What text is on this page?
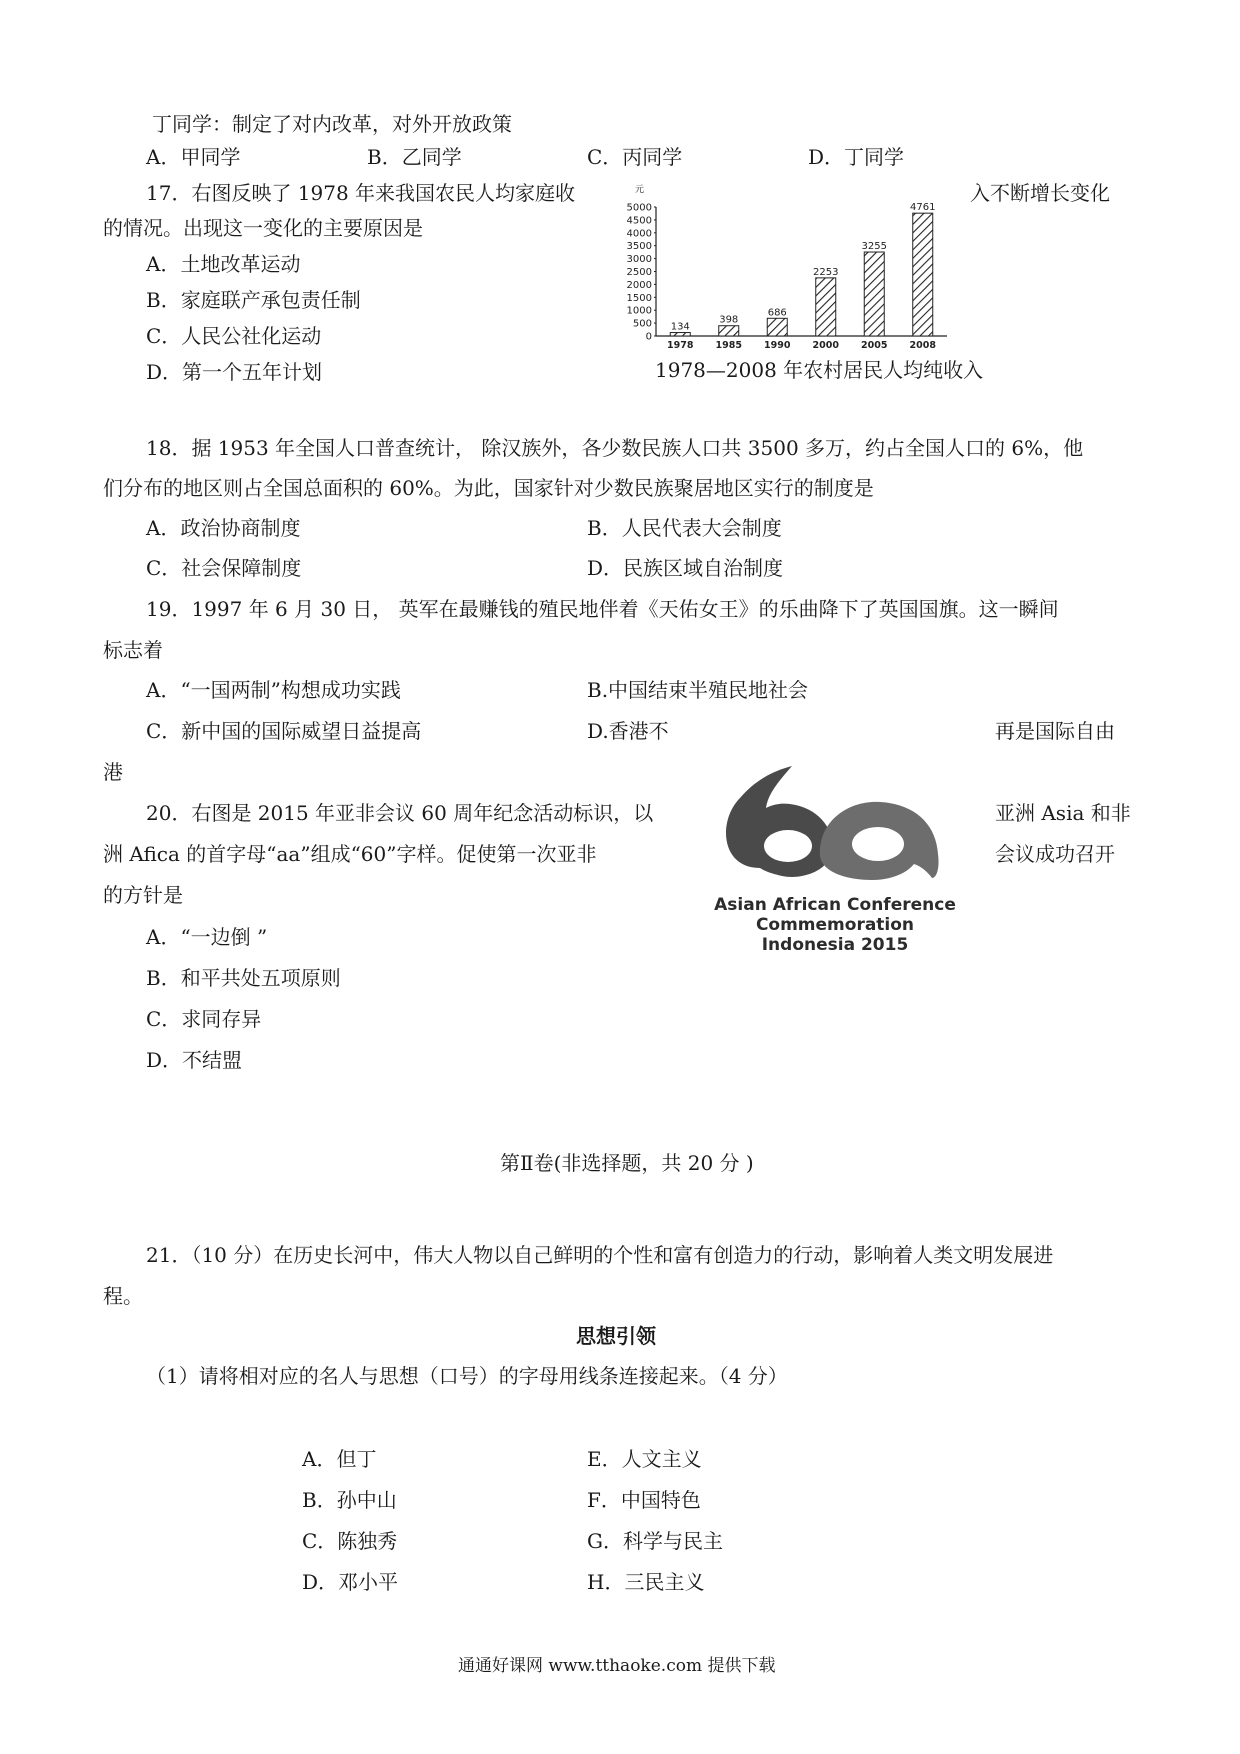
丁同学：制定了对内改革，对外开放政策
A．甲同学	B．乙同学	C．丙同学	D．丁同学
17．右图反映了 1978 年来我国农民人均家庭收	入不断增长变化
的情况。出现这一变化的主要原因是
A．土地改革运动
B．家庭联产承包责任制
C．人民公社化运动
D．第一个五年计划
元
0
500
1000
1500
2000
2500
3000
3500
4000
4500
5000
134
1978
398
1985
686
1990
2253
2000
3255
2005
4761
2008
1978—2008 年农村居民人均纯收入
18．据 1953 年全国人口普查统计， 除汉族外，各少数民族人口共 3500 多万，约占全国人口的 6%，他
们分布的地区则占全国总面积的 60%。为此，国家针对少数民族聚居地区实行的制度是
A．政治协商制度	B．人民代表大会制度
C．社会保障制度	D．民族区域自治制度
19．1997 年 6 月 30 日， 英军在最赚钱的殖民地伴着《天佑女王》的乐曲降下了英国国旗。这一瞬间
标志着
A．“一国两制”构想成功实践	B.中国结束半殖民地社会
C．新中国的国际威望日益提高	D.香港不	再是国际自由
港
20．右图是 2015 年亚非会议 60 周年纪念活动标识，以	亚洲 Asia 和非
洲 Afica 的首字母“aa”组成“60”字样。促使第一次亚非	会议成功召开
的方针是
A．“一边倒 ”
B．和平共处五项原则
C．求同存异
D．不结盟
Asian African Conference
Commemoration
Indonesia 2015
第Ⅱ卷(非选择题，共 20 分 )
21．（10 分）在历史长河中，伟大人物以自己鲜明的个性和富有创造力的行动，影响着人类文明发展进
程。
思想引领
（1）请将相对应的名人与思想（口号）的字母用线条连接起来。（4 分）
A．但丁
B．孙中山
C．陈独秀
D．邓小平
E．人文主义
F．中国特色
G．科学与民主
H．三民主义
通通好课网 www.tthaoke.com 提供下载
